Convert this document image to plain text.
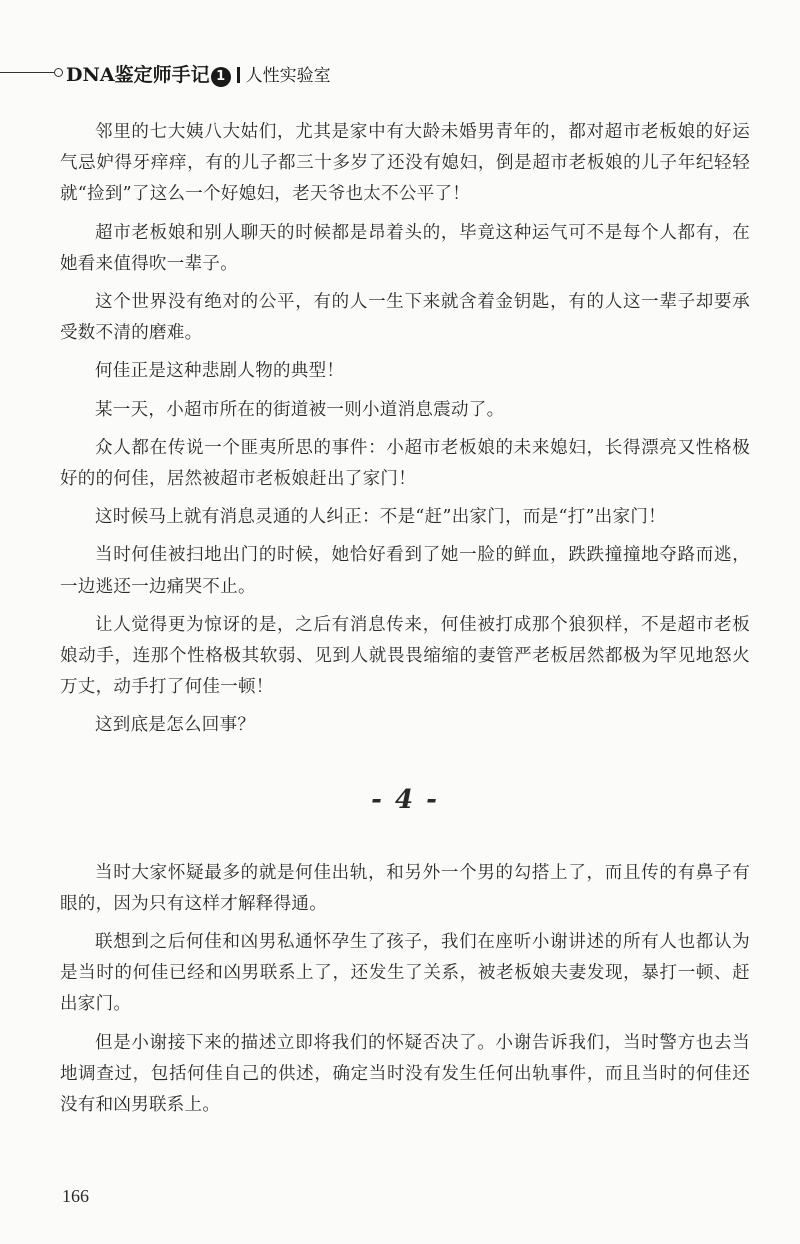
DNA鉴定师手记 1 人性实验室

邻里的七大姨八大姑们，尤其是家中有大龄未婚男青年的，都对超市老板娘的好运气忌妒得牙痒痒，有的儿子都三十多岁了还没有媳妇，倒是超市老板娘的儿子年纪轻轻就“捡到”了这么一个好媳妇，老天爷也太不公平了！

超市老板娘和别人聊天的时候都是昂着头的，毕竟这种运气可不是每个人都有，在她看来值得吹一辈子。

这个世界没有绝对的公平，有的人一生下来就含着金钥匙，有的人这一辈子却要承受数不清的磨难。

何佳正是这种悲剧人物的典型！

某一天，小超市所在的街道被一则小道消息震动了。

众人都在传说一个匪夷所思的事件：小超市老板娘的未来媳妇，长得漂亮又性格极好的的何佳，居然被超市老板娘赶出了家门！

这时候马上就有消息灵通的人纠正：不是“赶”出家门，而是“打”出家门！

当时何佳被扫地出门的时候，她恰好看到了她一脸的鲜血，跌跌撞撞地夺路而逃，一边逃还一边痛哭不止。

让人觉得更为惊讶的是，之后有消息传来，何佳被打成那个狼狈样，不是超市老板娘动手，连那个性格极其软弱、见到人就畏畏缩缩的妻管严老板居然都极为罕见地怒火万丈，动手打了何佳一顿！

这到底是怎么回事？

- 4 -

当时大家怀疑最多的就是何佳出轨，和另外一个男的勾搭上了，而且传的有鼻子有眼的，因为只有这样才解释得通。

联想到之后何佳和凶男私通怀孕生了孩子，我们在座听小谢讲述的所有人也都认为是当时的何佳已经和凶男联系上了，还发生了关系，被老板娘夫妻发现，暴打一顿、赶出家门。

但是小谢接下来的描述立即将我们的怀疑否决了。小谢告诉我们，当时警方也去当地调查过，包括何佳自己的供述，确定当时没有发生任何出轨事件，而且当时的何佳还没有和凶男联系上。

166
